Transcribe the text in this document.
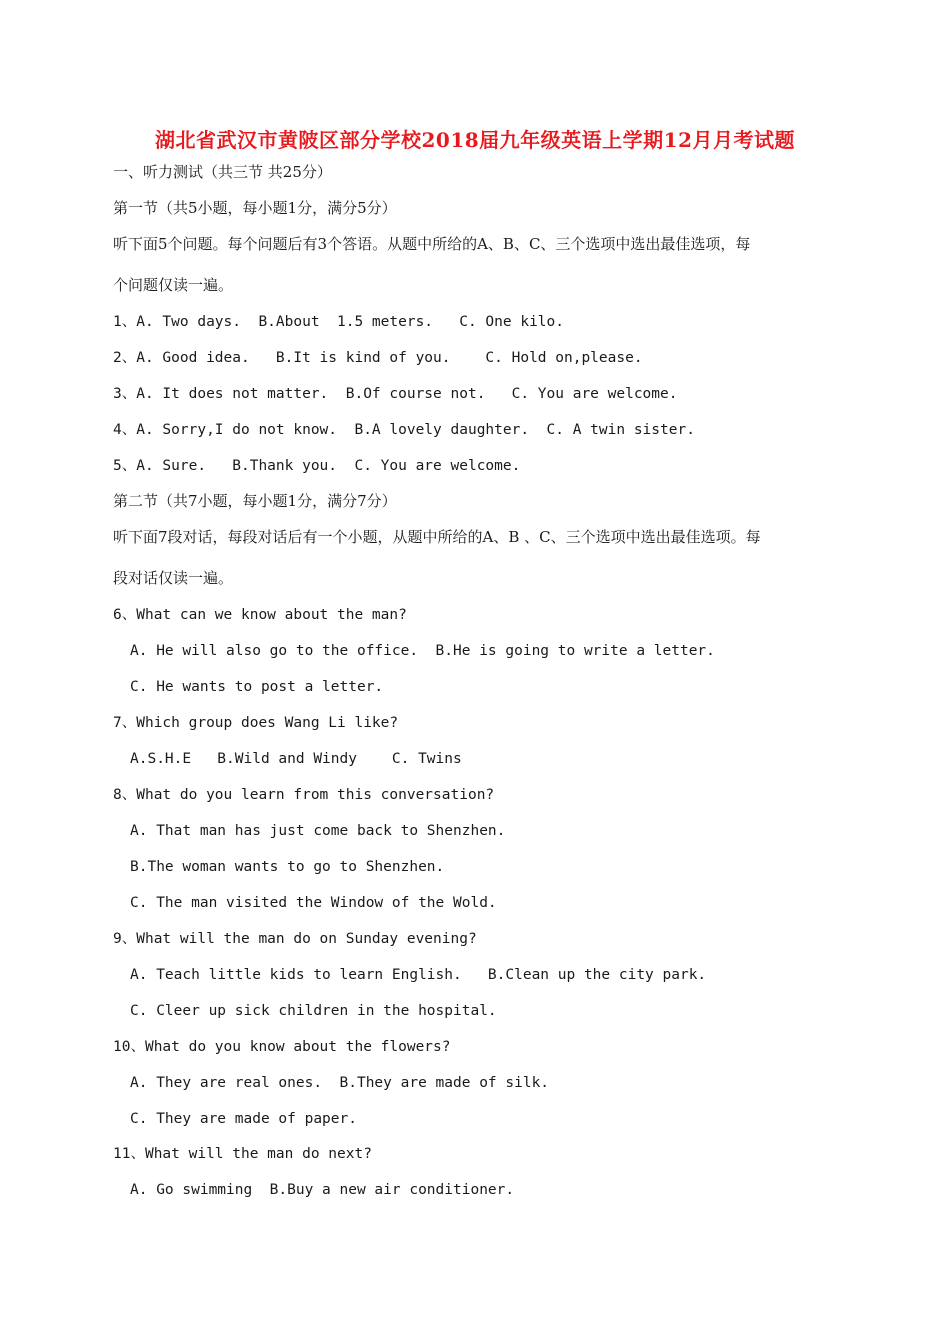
湖北省武汉市黄陂区部分学校2018届九年级英语上学期12月月考试题
一、听力测试（共三节 共25分）
第一节（共5小题，每小题1分，满分5分）
听下面5个问题。每个问题后有3个答语。从题中所给的A、B、C、三个选项中选出最佳选项，每
个问题仅读一遍。
1、A. Two days.  B.About  1.5 meters.   C. One kilo.
2、A. Good idea.   B.It is kind of you.    C. Hold on,please.
3、A. It does not matter.  B.Of course not.   C. You are welcome.
4、A. Sorry,I do not know.  B.A lovely daughter.  C. A twin sister.
5、A. Sure.   B.Thank you.  C. You are welcome.
第二节（共7小题，每小题1分，满分7分）
听下面7段对话，每段对话后有一个小题，从题中所给的A、B 、C、三个选项中选出最佳选项。每
段对话仅读一遍。
6、What can we know about the man?
A. He will also go to the office.  B.He is going to write a letter.
C. He wants to post a letter.
7、Which group does Wang Li like?
A.S.H.E   B.Wild and Windy    C. Twins
8、What do you learn from this conversation?
A. That man has just come back to Shenzhen.
B.The woman wants to go to Shenzhen.
C. The man visited the Window of the Wold.
9、What will the man do on Sunday evening?
A. Teach little kids to learn English.   B.Clean up the city park.
C. Cleer up sick children in the hospital.
10、What do you know about the flowers?
A. They are real ones.  B.They are made of silk.
C. They are made of paper.
11、What will the man do next?
A. Go swimming  B.Buy a new air conditioner.
